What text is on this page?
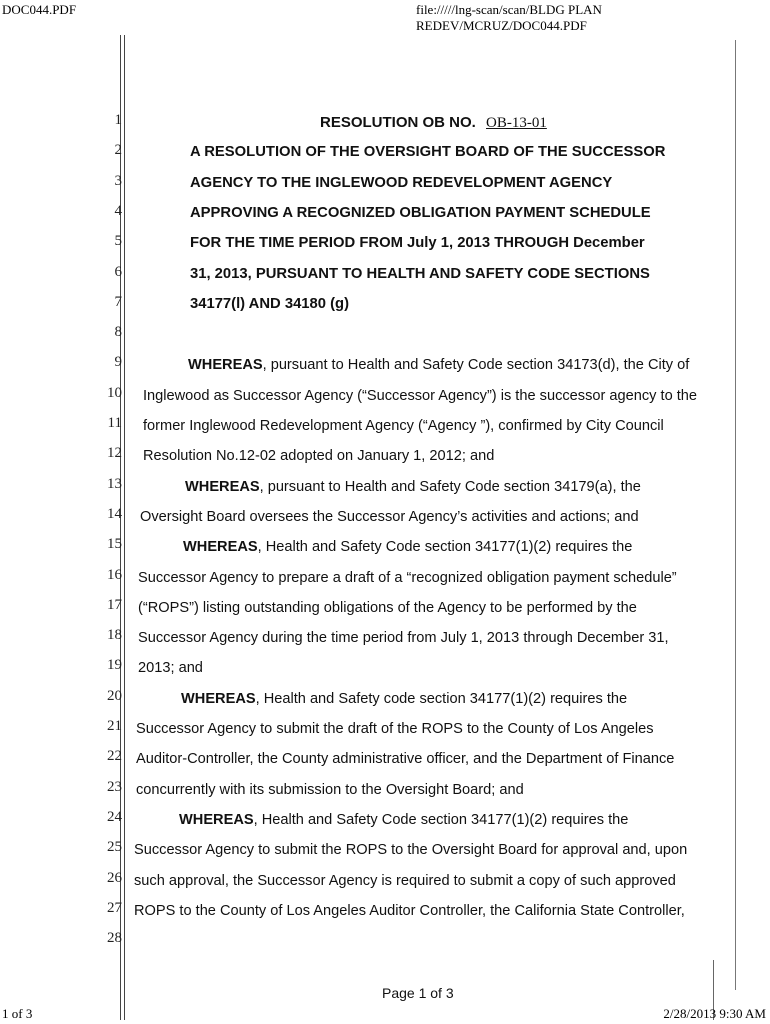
DOC044.PDF	file://///lng-scan/scan/BLDG PLAN REDEV/MCRUZ/DOC044.PDF
RESOLUTION OB NO. OB-13-01
1
2
3
4
5
6
7
8
9
10
11
12
13
14
15
16
17
18
19
20
21
22
23
24
25
26
27
28
A RESOLUTION OF THE OVERSIGHT BOARD OF THE SUCCESSOR
AGENCY TO THE INGLEWOOD REDEVELOPMENT AGENCY
APPROVING A RECOGNIZED OBLIGATION PAYMENT SCHEDULE
FOR THE TIME PERIOD FROM July 1, 2013 THROUGH December
31, 2013, PURSUANT TO HEALTH AND SAFETY CODE SECTIONS
34177(l) AND 34180 (g)
WHEREAS, pursuant to Health and Safety Code section 34173(d), the City of
Inglewood as Successor Agency (“Successor Agency”) is the successor agency to the
former Inglewood Redevelopment Agency (“Agency ”), confirmed by City Council
Resolution No.12-02 adopted on January 1, 2012; and
WHEREAS, pursuant to Health and Safety Code section 34179(a), the
Oversight Board oversees the Successor Agency’s activities and actions; and
WHEREAS, Health and Safety Code section 34177(1)(2) requires the
Successor Agency to prepare a draft of a “recognized obligation payment schedule”
(“ROPS”) listing outstanding obligations of the Agency to be performed by the
Successor Agency during the time period from July 1, 2013 through December 31,
2013; and
WHEREAS, Health and Safety code section 34177(1)(2) requires the
Successor Agency to submit the draft of the ROPS to the County of Los Angeles
Auditor-Controller, the County administrative officer, and the Department of Finance
concurrently with its submission to the Oversight Board; and
WHEREAS, Health and Safety Code section 34177(1)(2) requires the
Successor Agency to submit the ROPS to the Oversight Board for approval and, upon
such approval, the Successor Agency is required to submit a copy of such approved
ROPS to the County of Los Angeles Auditor Controller, the California State Controller,
Page 1 of 3
1 of 3	2/28/2013 9:30 AM
